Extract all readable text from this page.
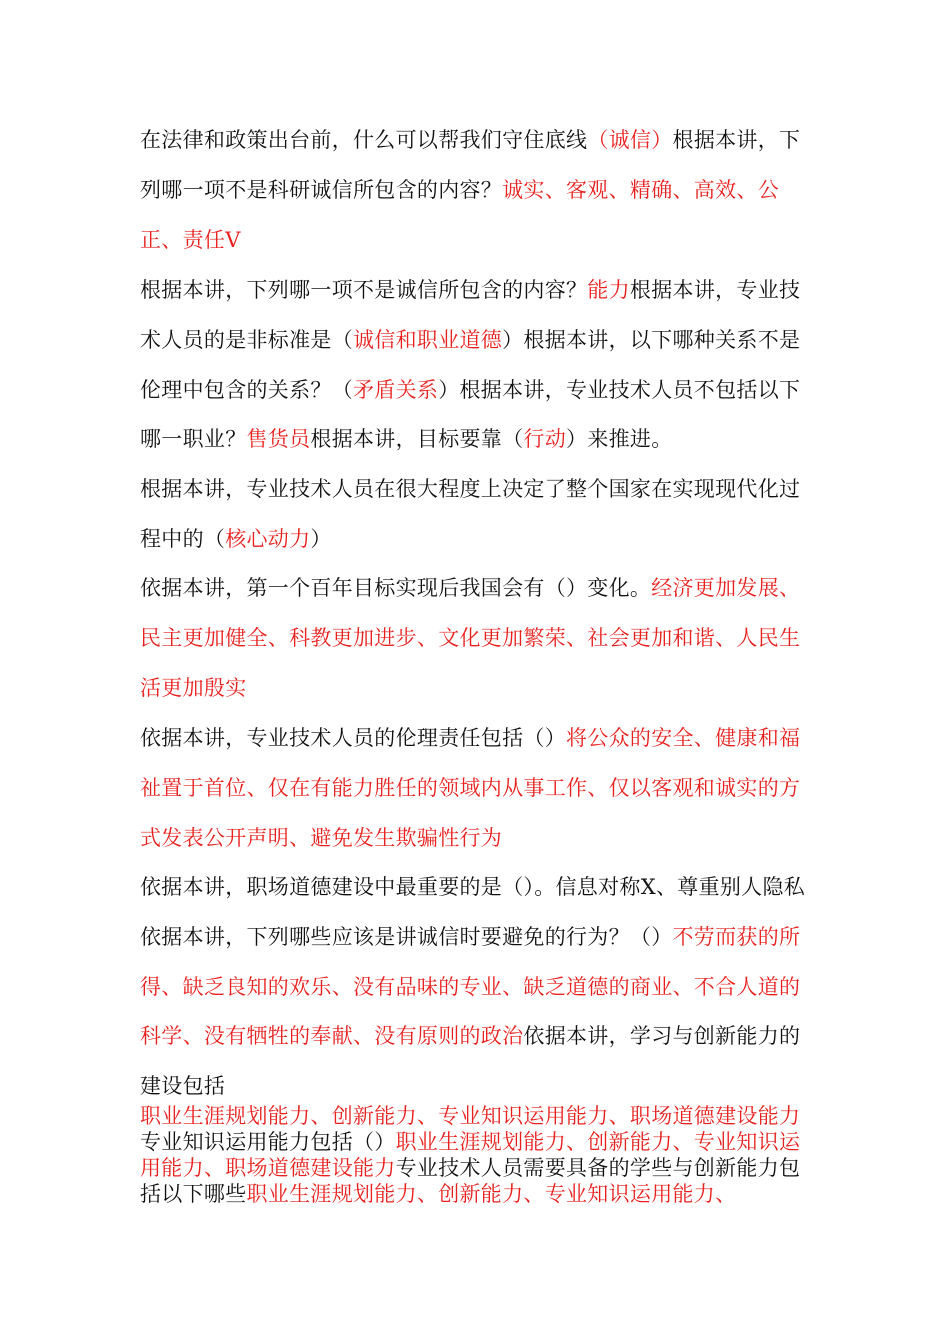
在法律和政策出台前，什么可以帮我们守住底线（诚信）根据本讲，下列哪一项不是科研诚信所包含的内容？诚实、客观、精确、高效、公正、责任V

根据本讲，下列哪一项不是诚信所包含的内容？能力根据本讲，专业技术人员的是非标准是（诚信和职业道德）根据本讲，以下哪种关系不是伦理中包含的关系？（矛盾关系）根据本讲，专业技术人员不包括以下哪一职业？售货员根据本讲，目标要靠（行动）来推进。

根据本讲，专业技术人员在很大程度上决定了整个国家在实现现代化过程中的（核心动力）

依据本讲，第一个百年目标实现后我国会有（）变化。经济更加发展、民主更加健全、科教更加进步、文化更加繁荣、社会更加和谐、人民生活更加殷实

依据本讲，专业技术人员的伦理责任包括（）将公众的安全、健康和福祉置于首位、仅在有能力胜任的领域内从事工作、仅以客观和诚实的方式发表公开声明、避免发生欺骗性行为

依据本讲，职场道德建设中最重要的是（）。信息对称X、尊重别人隐私依据本讲，下列哪些应该是讲诚信时要避免的行为？（）不劳而获的所得、缺乏良知的欢乐、没有品味的专业、缺乏道德的商业、不合人道的科学、没有牺牲的奉献、没有原则的政治依据本讲，学习与创新能力的建设包括

职业生涯规划能力、创新能力、专业知识运用能力、职场道德建设能力专业知识运用能力包括（）职业生涯规划能力、创新能力、专业知识运用能力、职场道德建设能力专业技术人员需要具备的学些与创新能力包括以下哪些职业生涯规划能力、创新能力、专业知识运用能力、
